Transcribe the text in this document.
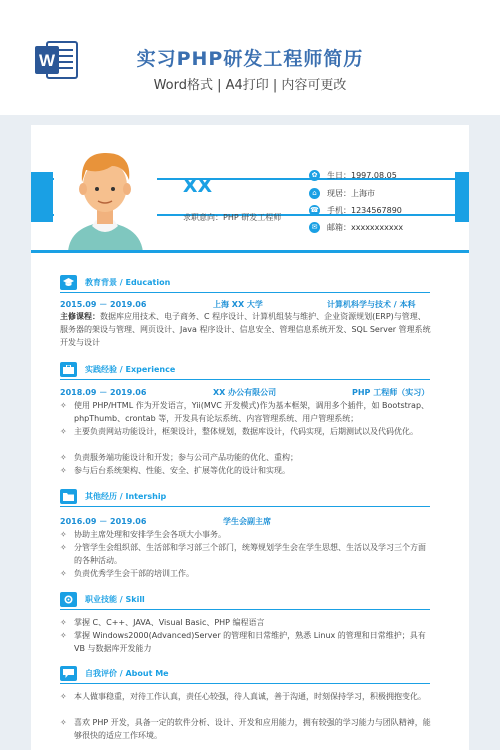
W	实习PHP研发工程师简历
Word格式 | A4打印 | 内容可更改
XX
求职意向：PHP 研发工程师
✿ 生日：1997.08.05
⌂ 现居：上海市
☎ 手机：1234567890
✉ 邮箱：xxxxxxxxxxx
教育背景 / Education
2015.09 － 2019.06	上海 XX 大学	计算机科学与技术 / 本科
主修课程：数据库应用技术、电子商务、C 程序设计、计算机组装与维护、企业资源规划(ERP)与管理、服务器的架设与管理、网页设计、Java 程序设计、信息安全、管理信息系统开发、SQL Server 管理系统开发与设计
实践经验 / Experience
2018.09 － 2019.06	XX 办公有限公司	PHP 工程师（实习）
✧ 使用 PHP/HTML 作为开发语言，Yii(MVC 开发模式)作为基本框架，调用多个插件，如 Bootstrap、phpThumb、crontab 等，开发具有论坛系统、内容管理系统、用户管理系统；
✧ 主要负责网站功能设计，框架设计，整体规划，数据库设计，代码实现，后期测试以及代码优化。
✧ 负责服务端功能设计和开发；参与公司产品功能的优化、重构；
✧ 参与后台系统架构、性能、安全、扩展等优化的设计和实现。
其他经历 / Intership
2016.09 － 2019.06	学生会副主席
✧ 协助主席处理和安排学生会各项大小事务。
✧ 分管学生会组织部、生活部和学习部三个部门，统筹规划学生会在学生思想、生活以及学习三个方面的各种活动。
✧ 负责优秀学生会干部的培训工作。
职业技能 / Skill
✧ 掌握 C、C++、JAVA、Visual Basic、PHP 编程语言
✧ 掌握 Windows2000(Advanced)Server 的管理和日常维护，熟悉 Linux 的管理和日常维护；具有 VB 与数据库开发能力
自我评价 / About Me
✧ 本人做事稳重，对待工作认真，责任心较强，待人真诚，善于沟通，时刻保持学习，积极拥抱变化。
✧ 喜欢 PHP 开发，具备一定的软件分析、设计、开发和应用能力，拥有较强的学习能力与团队精神，能够很快的适应工作环境。
